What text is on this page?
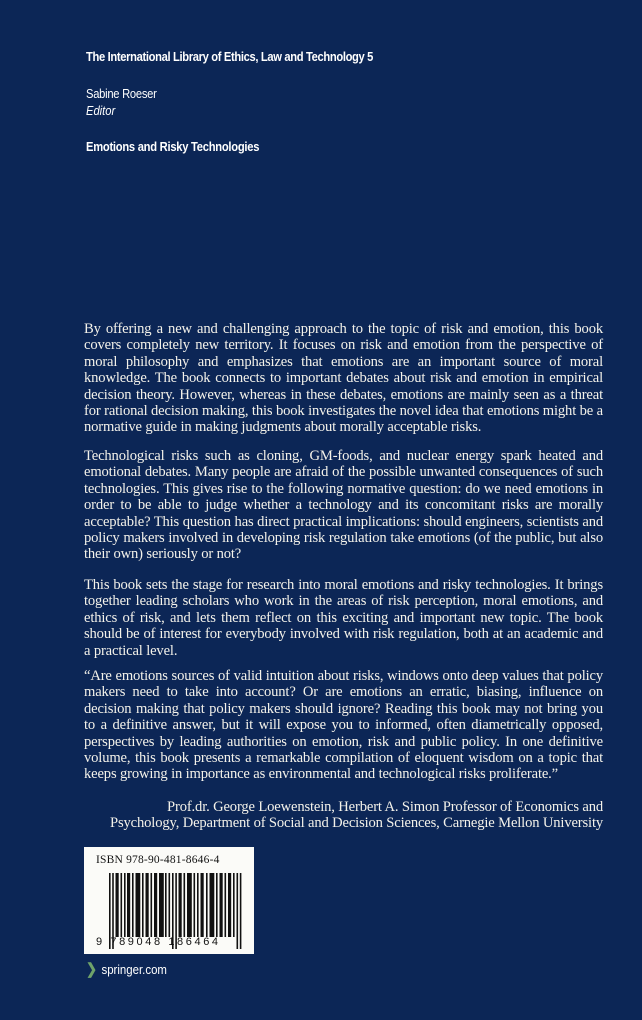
The International Library of Ethics, Law and Technology 5
Sabine Roeser
Editor
Emotions and Risky Technologies

By offering a new and challenging approach to the topic of risk and emotion, this book covers completely new territory. It focuses on risk and emotion from the perspective of moral philosophy and emphasizes that emotions are an important source of moral knowledge. The book connects to important debates about risk and emotion in empirical decision theory. However, whereas in these debates, emotions are mainly seen as a threat for rational decision making, this book investigates the novel idea that emotions might be a normative guide in making judgments about morally acceptable risks.

Technological risks such as cloning, GM-foods, and nuclear energy spark heated and emotional debates. Many people are afraid of the possible unwanted consequences of such technologies. This gives rise to the following normative question: do we need emotions in order to be able to judge whether a technology and its concomitant risks are morally acceptable? This question has direct practical implications: should engineers, scientists and policy makers involved in developing risk regulation take emotions (of the public, but also their own) seriously or not?

This book sets the stage for research into moral emotions and risky technologies. It brings together leading scholars who work in the areas of risk perception, moral emotions, and ethics of risk, and lets them reflect on this exciting and important new topic. The book should be of interest for everybody involved with risk regulation, both at an academic and a practical level.

“Are emotions sources of valid intuition about risks, windows onto deep values that policy makers need to take into account? Or are emotions an erratic, biasing, influence on decision making that policy makers should ignore? Reading this book may not bring you to a definitive answer, but it will expose you to informed, often diametrically opposed, perspectives by leading authorities on emotion, risk and public policy. In one definitive volume, this book presents a remarkable compilation of eloquent wisdom on a topic that keeps growing in importance as environmental and technological risks proliferate.”

Prof.dr. George Loewenstein, Herbert A. Simon Professor of Economics and
Psychology, Department of Social and Decision Sciences, Carnegie Mellon University
ISBN 978-90-481-8646-4
9 789048 186464
❯ springer.com
